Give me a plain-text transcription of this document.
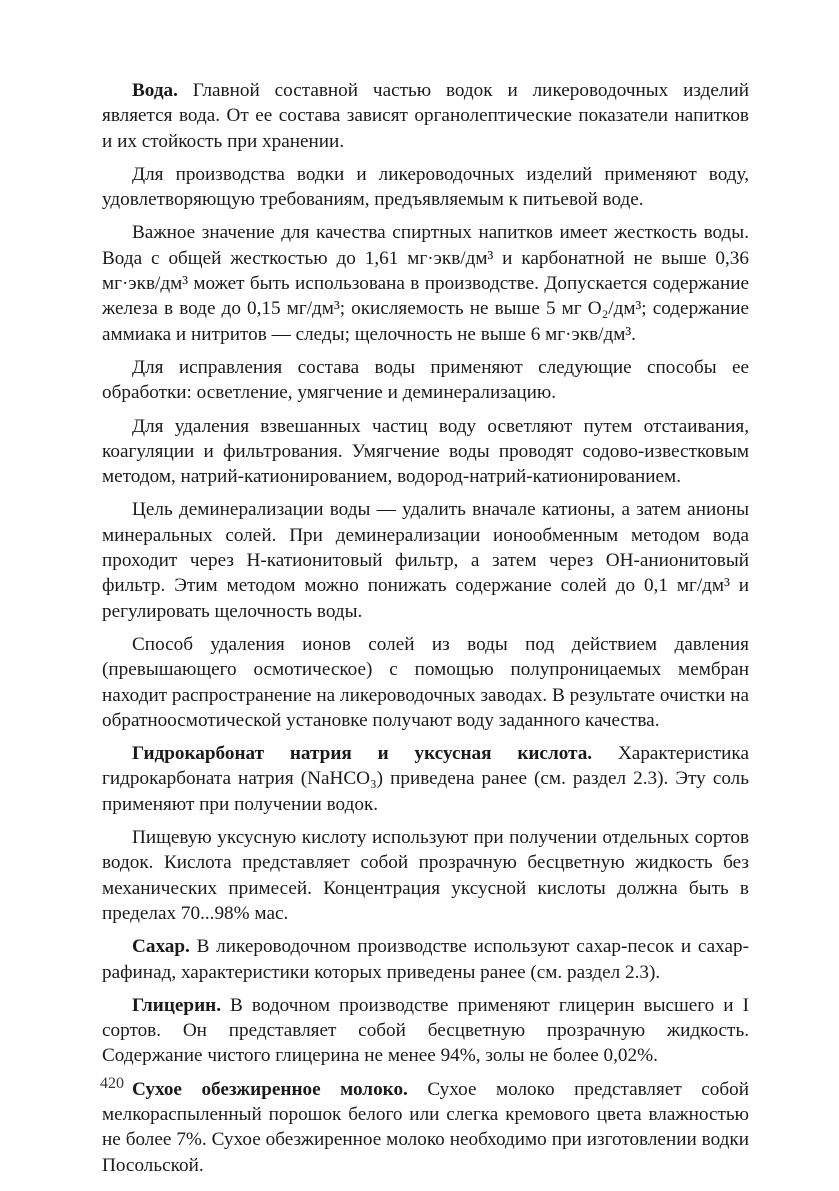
Вода. Главной составной частью водок и ликероводочных изделий является вода. От ее состава зависят органолептические показатели напитков и их стойкость при хранении.

Для производства водки и ликероводочных изделий применяют воду, удовлетворяющую требованиям, предъявляемым к питьевой воде.

Важное значение для качества спиртных напитков имеет жесткость воды. Вода с общей жесткостью до 1,61 мг·экв/дм³ и карбонатной не выше 0,36 мг·экв/дм³ может быть использована в производстве. Допускается содержание железа в воде до 0,15 мг/дм³; окисляемость не выше 5 мг О₂/дм³; содержание аммиака и нитритов — следы; щелочность не выше 6 мг·экв/дм³.

Для исправления состава воды применяют следующие способы ее обработки: осветление, умягчение и деминерализацию.

Для удаления взвешанных частиц воду осветляют путем отстаивания, коагуляции и фильтрования. Умягчение воды проводят содово-известковым методом, натрий-катионированием, водород-натрий-катионированием.

Цель деминерализации воды — удалить вначале катионы, а затем анионы минеральных солей. При деминерализации ионообменным методом вода проходит через Н-катионитовый фильтр, а затем через ОН-анионитовый фильтр. Этим методом можно понижать содержание солей до 0,1 мг/дм³ и регулировать щелочность воды.

Способ удаления ионов солей из воды под действием давления (превышающего осмотическое) с помощью полупроницаемых мембран находит распространение на ликероводочных заводах. В результате очистки на обратноосмотической установке получают воду заданного качества.

Гидрокарбонат натрия и уксусная кислота. Характеристика гидрокарбоната натрия (NaHCO₃) приведена ранее (см. раздел 2.3). Эту соль применяют при получении водок.

Пищевую уксусную кислоту используют при получении отдельных сортов водок. Кислота представляет собой прозрачную бесцветную жидкость без механических примесей. Концентрация уксусной кислоты должна быть в пределах 70...98% мас.

Сахар. В ликероводочном производстве используют сахар-песок и сахар-рафинад, характеристики которых приведены ранее (см. раздел 2.3).

Глицерин. В водочном производстве применяют глицерин высшего и I сортов. Он представляет собой бесцветную прозрачную жидкость. Содержание чистого глицерина не менее 94%, золы не более 0,02%.

Сухое обезжиренное молоко. Сухое молоко представляет собой мелкораспыленный порошок белого или слегка кремового цвета влажностью не более 7%. Сухое обезжиренное молоко необходимо при изготовлении водки Посольской.

420
